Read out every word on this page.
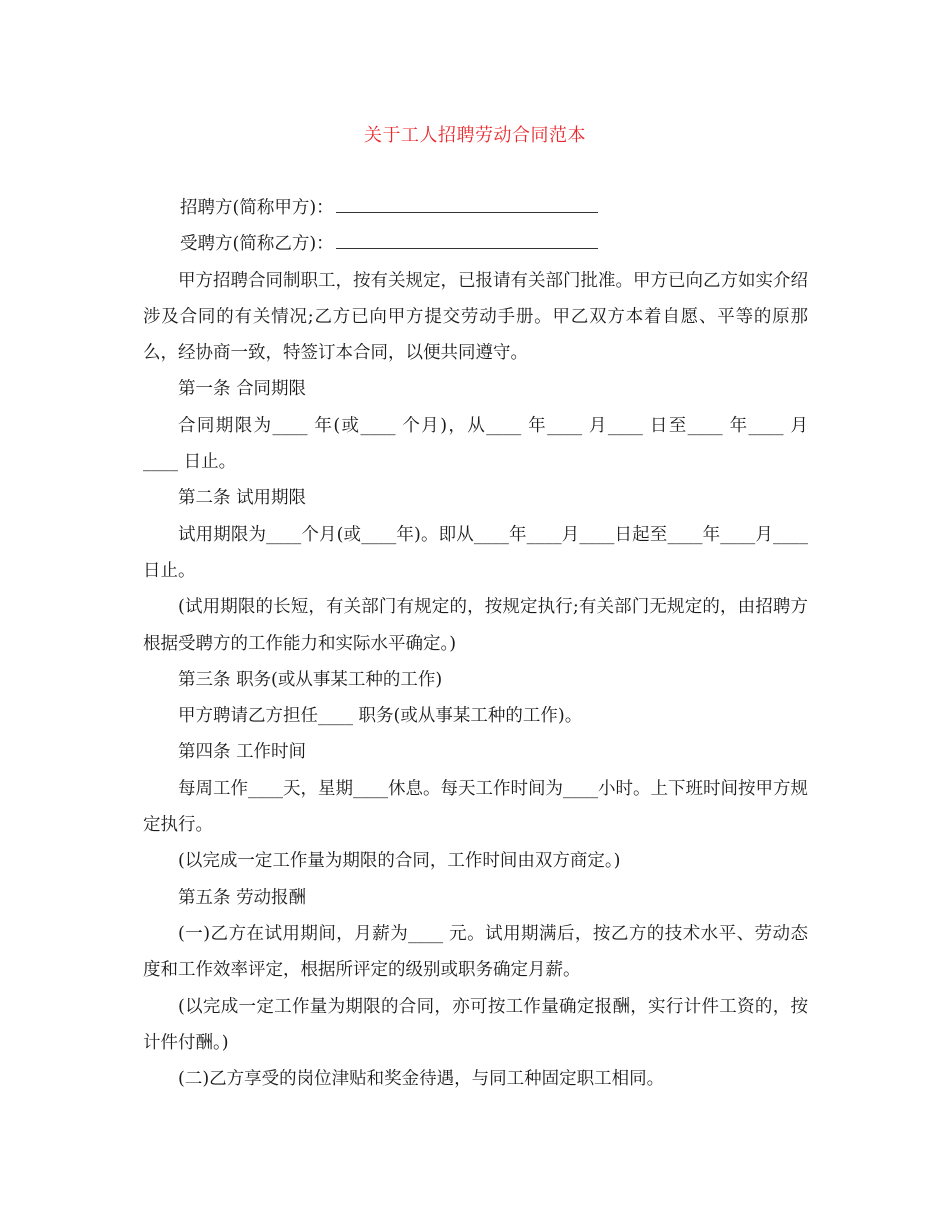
关于工人招聘劳动合同范本
招聘方(简称甲方)：
受聘方(简称乙方)：

甲方招聘合同制职工，按有关规定，已报请有关部门批准。甲方已向乙方如实介绍涉及合同的有关情况;乙方已向甲方提交劳动手册。甲乙双方本着自愿、平等的原那么，经协商一致，特签订本合同，以便共同遵守。

第一条 合同期限

合同期限为____ 年(或____ 个月)，从____ 年____ 月____ 日至____ 年____ 月____ 日止。

第二条 试用期限

试用期限为____个月(或____年)。即从____年____月____日起至____年____月____日止。

(试用期限的长短，有关部门有规定的，按规定执行;有关部门无规定的，由招聘方根据受聘方的工作能力和实际水平确定。)

第三条 职务(或从事某工种的工作)

甲方聘请乙方担任____ 职务(或从事某工种的工作)。

第四条 工作时间

每周工作____天，星期____休息。每天工作时间为____小时。上下班时间按甲方规定执行。

(以完成一定工作量为期限的合同，工作时间由双方商定。)

第五条 劳动报酬

(一)乙方在试用期间，月薪为____ 元。试用期满后，按乙方的技术水平、劳动态度和工作效率评定，根据所评定的级别或职务确定月薪。

(以完成一定工作量为期限的合同，亦可按工作量确定报酬，实行计件工资的，按计件付酬。)

(二)乙方享受的岗位津贴和奖金待遇，与同工种固定职工相同。
